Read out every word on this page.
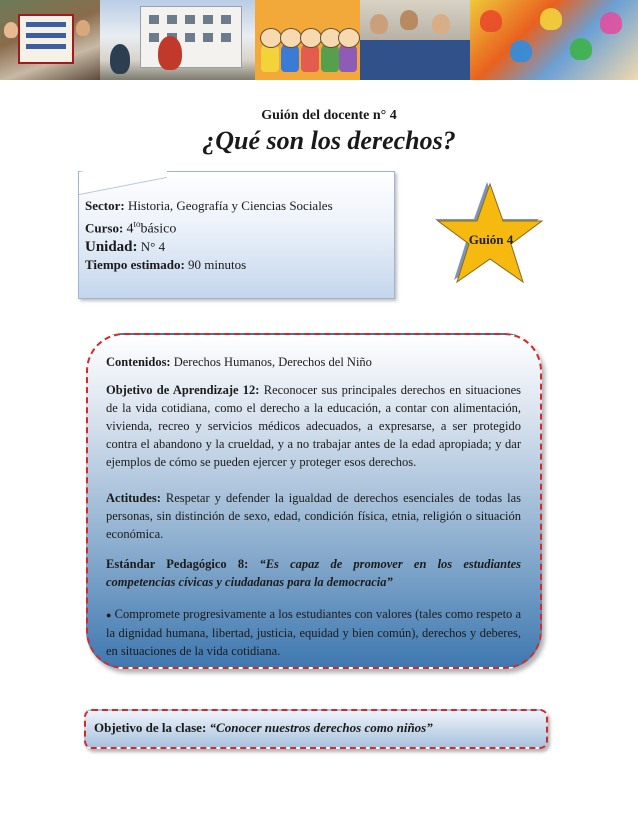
Guión del docente n° 4
¿Qué son los derechos?
Sector: Historia, Geografía y Ciencias Sociales
Curso: $4^{to}básico$
Unidad: N° 4
Tiempo estimado: 90 minutos
Guión 4
Contenidos: Derechos Humanos, Derechos del Niño
Objetivo de Aprendizaje 12: Reconocer sus principales derechos en situaciones de la vida cotidiana, como el derecho a la educación, a contar con alimentación, vivienda, recreo y servicios médicos adecuados, a expresarse, a ser protegido contra el abandono y la crueldad, y a no trabajar antes de la edad apropiada; y dar ejemplos de cómo se pueden ejercer y proteger esos derechos.
Actitudes: Respetar y defender la igualdad de derechos esenciales de todas las personas, sin distinción de sexo, edad, condición física, etnia, religión o situación económica.
Estándar Pedagógico 8: “Es capaz de promover en los estudiantes competencias cívicas y ciudadanas para la democracia”
● Compromete progresivamente a los estudiantes con valores (tales como respeto a la dignidad humana, libertad, justicia, equidad y bien común), derechos y deberes, en situaciones de la vida cotidiana.
Objetivo de la clase: “Conocer nuestros derechos como niños”
